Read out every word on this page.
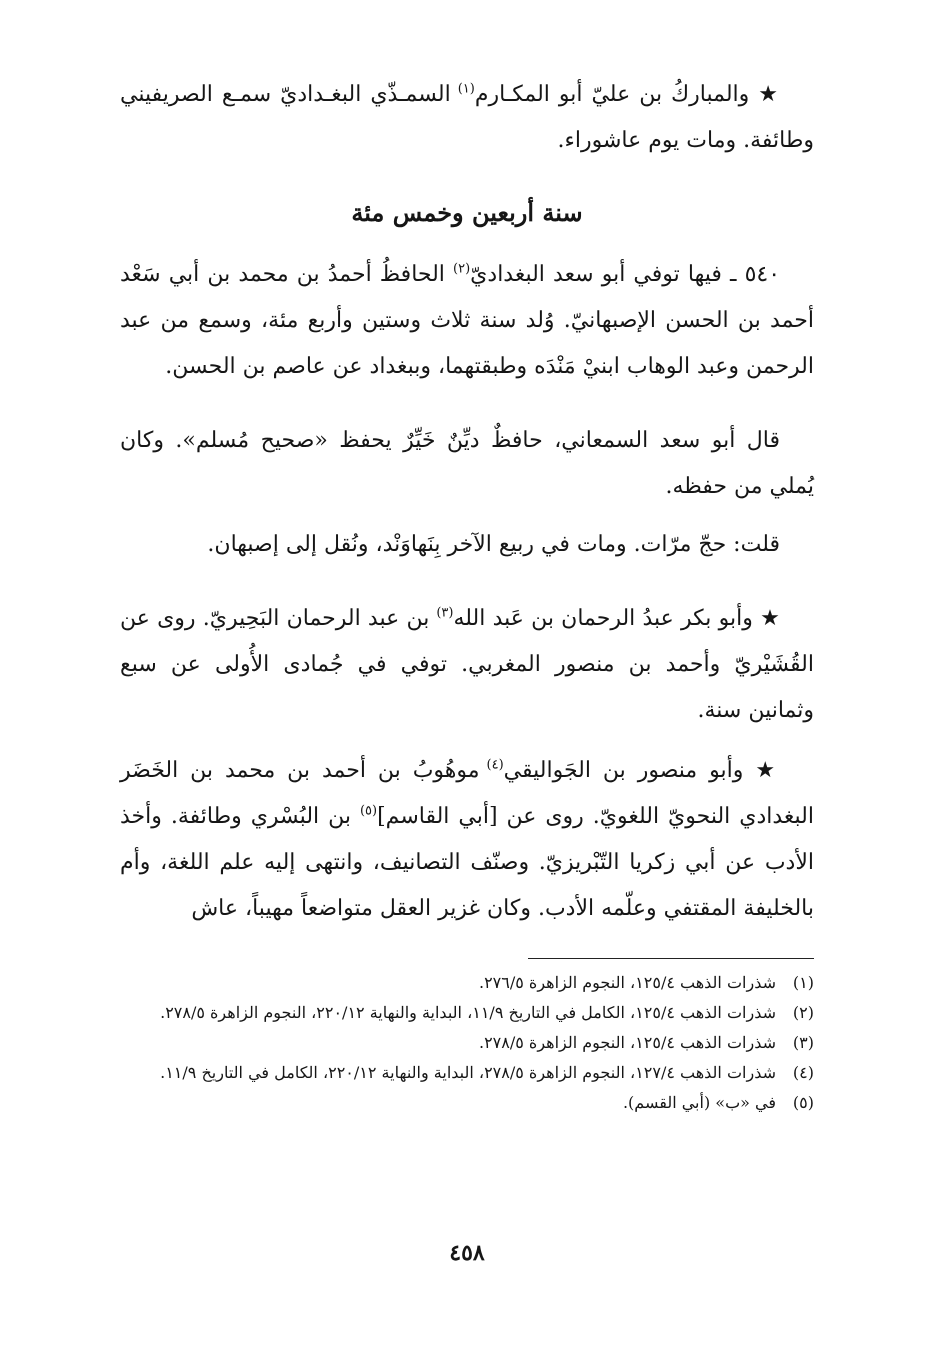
★ والمباركُ بن عليّ أبو المكـارم$^{(١)}$ السمـذّي البغـداديّ سمـع الصريفيني وطائفة. ومات يوم عاشوراء.

سنة أربعين وخمس مئة

٥٤٠ ـ فيها توفي أبو سعد البغداديّ$^{(٢)}$ الحافظُ أحمدُ بن محمد بن أبي سَعْد أحمد بن الحسن الإصبهانيّ. وُلد سنة ثلاث وستين وأربع مئة، وسمع من عبد الرحمن وعبد الوهاب ابنيْ مَنْدَه وطبقتهما، وببغداد عن عاصم بن الحسن.

قال أبو سعد السمعاني، حافظٌ ديِّنٌ خَيِّرٌ يحفظ «صحيح مُسلم». وكان يُملي من حفظه.

قلت: حجّ مرّات. ومات في ربيع الآخر بِنَهاوَنْد، ونُقل إلى إصبهان.

★ وأبو بكر عبدُ الرحمان بن عَبد الله$^{(٣)}$ بن عبد الرحمان البَحِيريّ. روى عن القُشَيْريّ وأحمد بن منصور المغربي. توفي في جُمادى الأُولى عن سبع وثمانين سنة.

★ وأبو منصور بن الجَواليقي$^{(٤)}$ موهُوبُ بن أحمد بن محمد بن الخَضَر البغدادي النحويّ اللغويّ. روى عن [أبي القاسم]$^{(٥)}$ بن البُسْري وطائفة. وأخذ الأدب عن أبي زكريا التّبْريزيّ. وصنّف التصانيف، وانتهى إليه علم اللغة، وأم بالخليفة المقتفي وعلّمه الأدب. وكان غزير العقل متواضعاً مهيباً، عاش

(١)
شذرات الذهب ١٢٥/٤، النجوم الزاهرة ٢٧٦/٥.
(٢)
شذرات الذهب ١٢٥/٤، الكامل في التاريخ ١١/٩، البداية والنهاية ٢٢٠/١٢، النجوم الزاهرة ٢٧٨/٥.
(٣)
شذرات الذهب ١٢٥/٤، النجوم الزاهرة ٢٧٨/٥.
(٤)
شذرات الذهب ١٢٧/٤، النجوم الزاهرة ٢٧٨/٥، البداية والنهاية ٢٢٠/١٢، الكامل في التاريخ ١١/٩.
(٥)
في «ب» (أبي القسم).
٤٥٨
